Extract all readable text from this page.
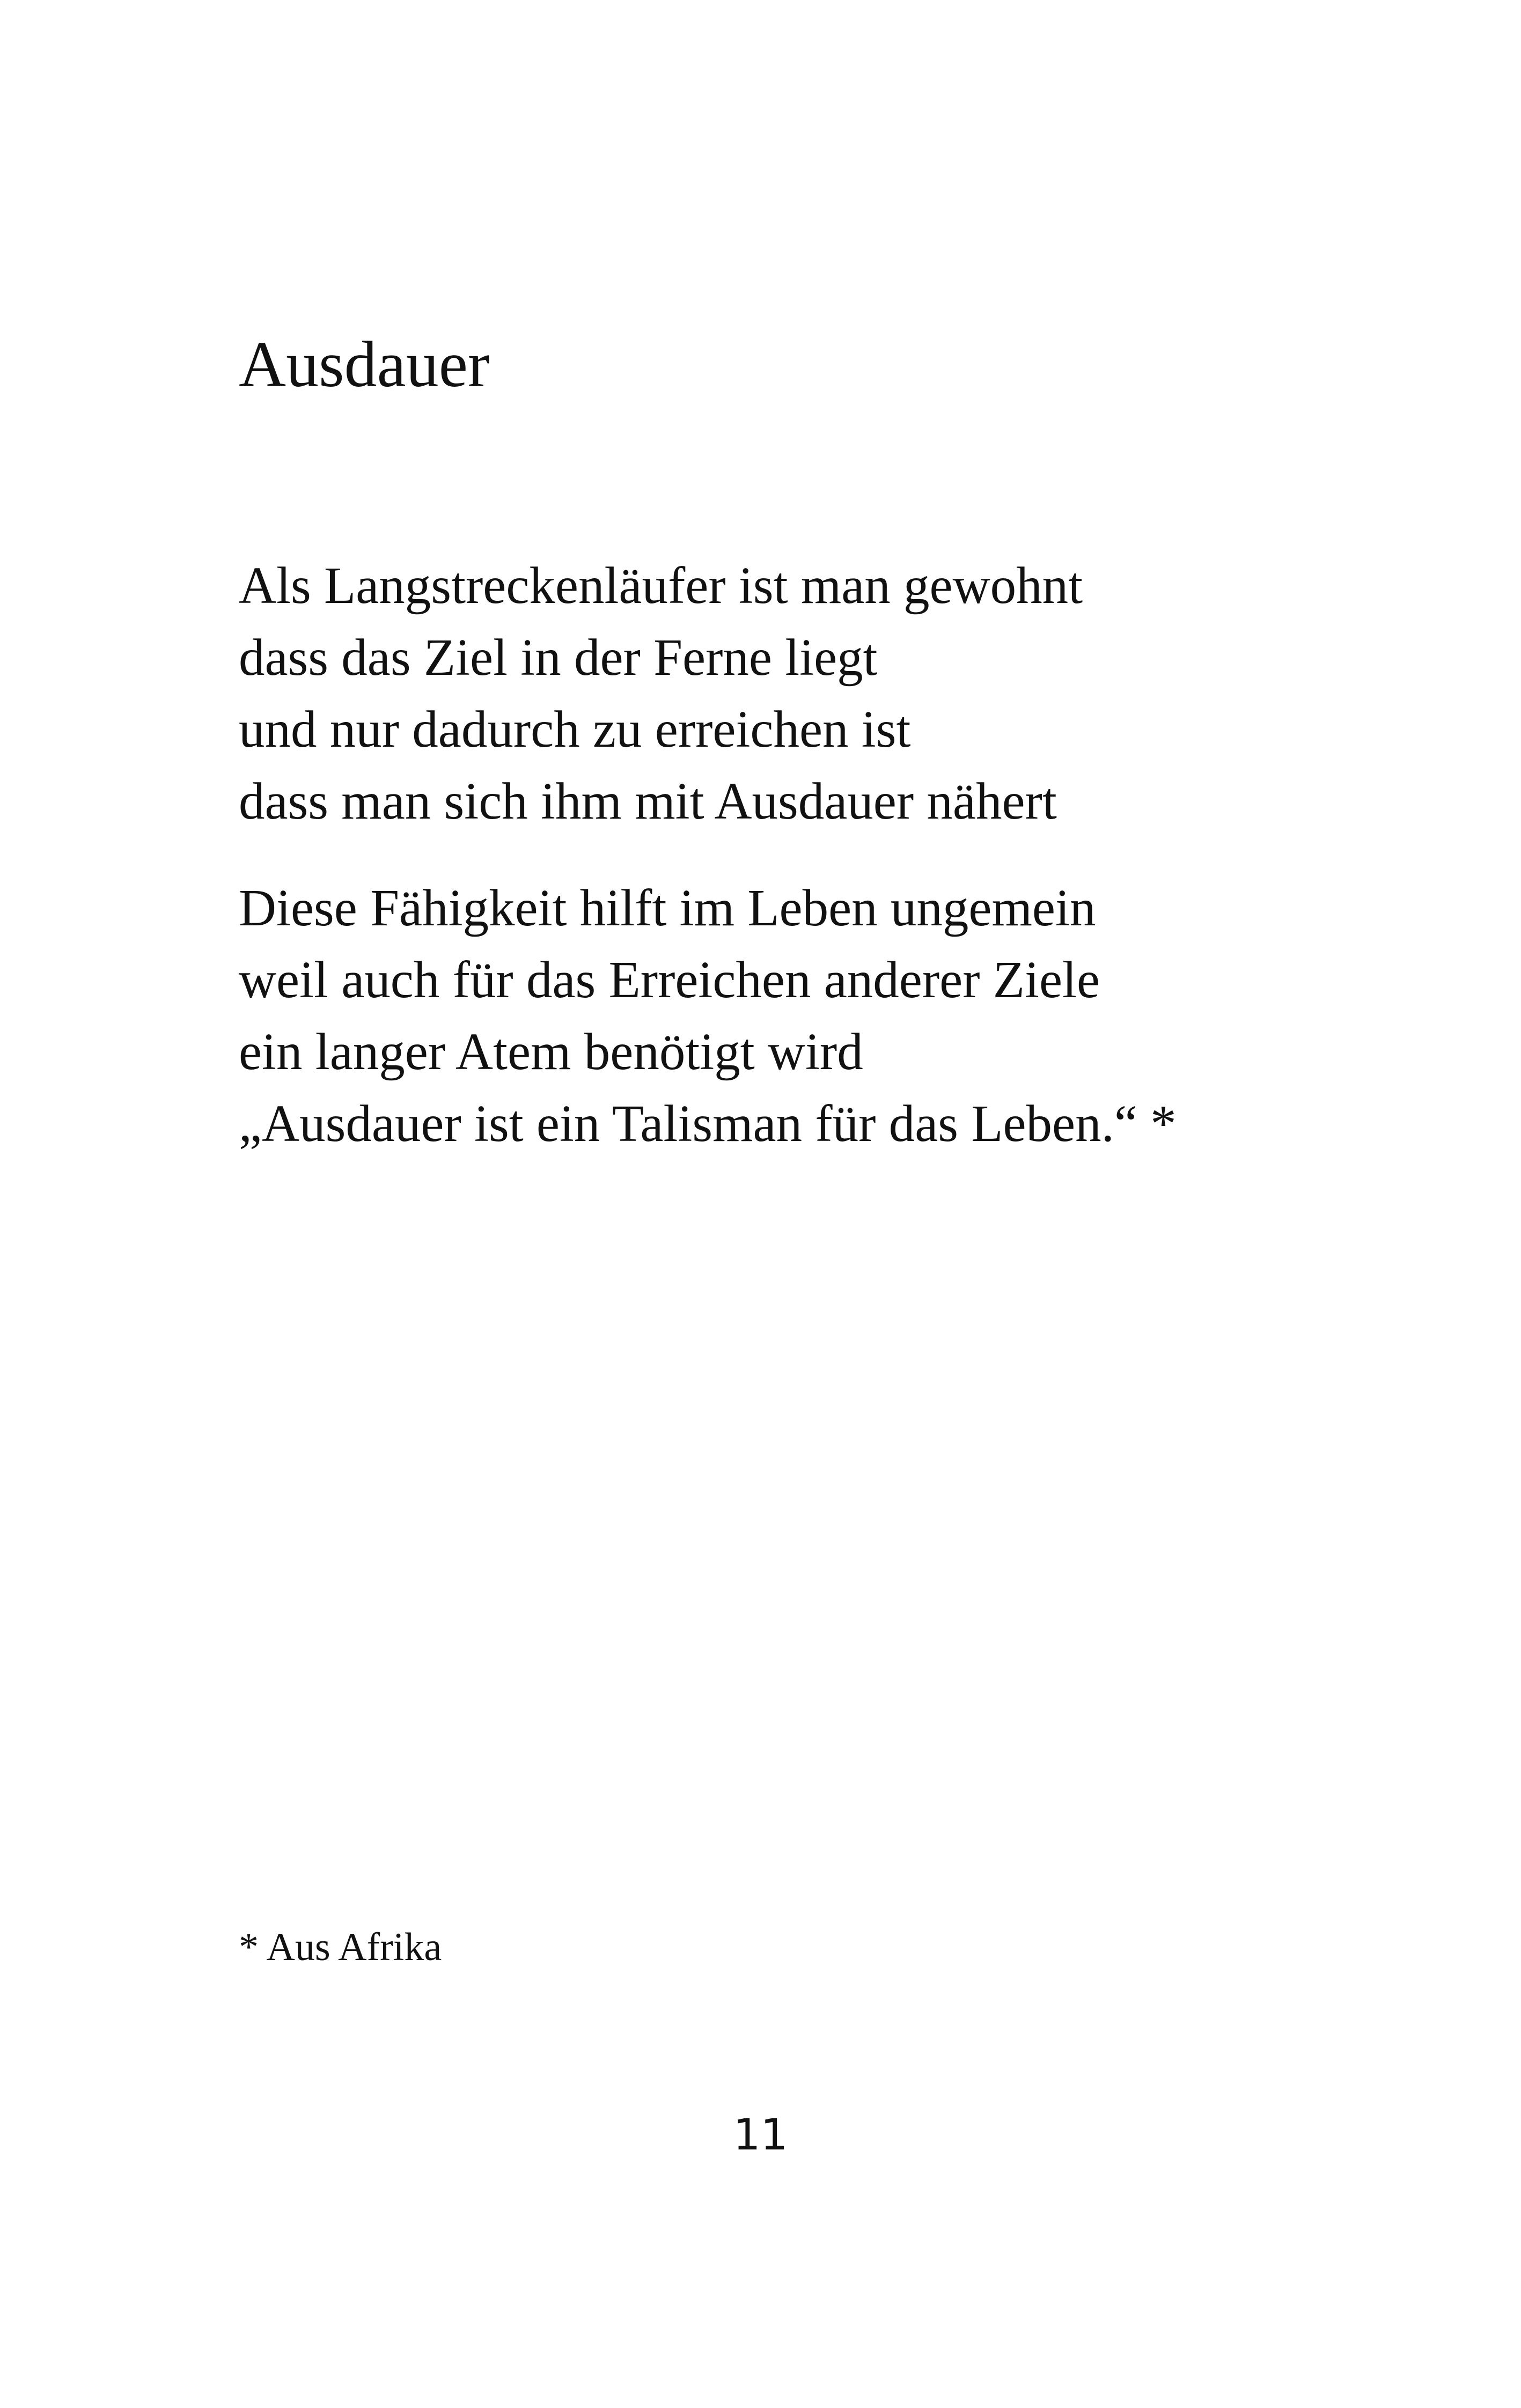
Ausdauer

Als Langstreckenläufer ist man gewohnt
dass das Ziel in der Ferne liegt
und nur dadurch zu erreichen ist
dass man sich ihm mit Ausdauer nähert

Diese Fähigkeit hilft im Leben ungemein
weil auch für das Erreichen anderer Ziele
ein langer Atem benötigt wird
„Ausdauer ist ein Talisman für das Leben.“ *

* Aus Afrika
11
